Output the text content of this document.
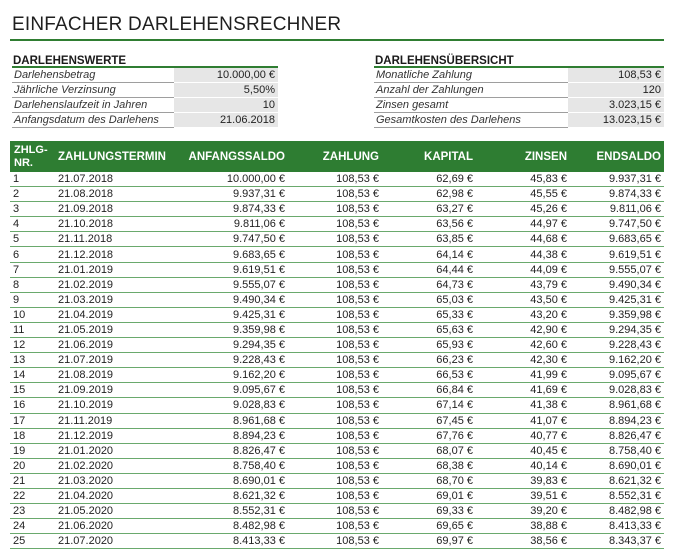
EINFACHER DARLEHENSRECHNER
DARLEHENSWERTE
Darlehensbetrag	10.000,00 €
Jährliche Verzinsung	5,50%
Darlehenslaufzeit in Jahren	10
Anfangsdatum des Darlehens	21.06.2018
DARLEHENSÜBERSICHT
Monatliche Zahlung	108,53 €
Anzahl der Zahlungen	120
Zinsen gesamt	3.023,15 €
Gesamtkosten des Darlehens	13.023,15 €
ZHLG-
NR.	ZAHLUNGSTERMIN	ANFANGSSALDO	ZAHLUNG	KAPITAL	ZINSEN	ENDSALDO
1	21.07.2018	10.000,00 €	108,53 €	62,69 €	45,83 €	9.937,31 €
2	21.08.2018	9.937,31 €	108,53 €	62,98 €	45,55 €	9.874,33 €
3	21.09.2018	9.874,33 €	108,53 €	63,27 €	45,26 €	9.811,06 €
4	21.10.2018	9.811,06 €	108,53 €	63,56 €	44,97 €	9.747,50 €
5	21.11.2018	9.747,50 €	108,53 €	63,85 €	44,68 €	9.683,65 €
6	21.12.2018	9.683,65 €	108,53 €	64,14 €	44,38 €	9.619,51 €
7	21.01.2019	9.619,51 €	108,53 €	64,44 €	44,09 €	9.555,07 €
8	21.02.2019	9.555,07 €	108,53 €	64,73 €	43,79 €	9.490,34 €
9	21.03.2019	9.490,34 €	108,53 €	65,03 €	43,50 €	9.425,31 €
10	21.04.2019	9.425,31 €	108,53 €	65,33 €	43,20 €	9.359,98 €
11	21.05.2019	9.359,98 €	108,53 €	65,63 €	42,90 €	9.294,35 €
12	21.06.2019	9.294,35 €	108,53 €	65,93 €	42,60 €	9.228,43 €
13	21.07.2019	9.228,43 €	108,53 €	66,23 €	42,30 €	9.162,20 €
14	21.08.2019	9.162,20 €	108,53 €	66,53 €	41,99 €	9.095,67 €
15	21.09.2019	9.095,67 €	108,53 €	66,84 €	41,69 €	9.028,83 €
16	21.10.2019	9.028,83 €	108,53 €	67,14 €	41,38 €	8.961,68 €
17	21.11.2019	8.961,68 €	108,53 €	67,45 €	41,07 €	8.894,23 €
18	21.12.2019	8.894,23 €	108,53 €	67,76 €	40,77 €	8.826,47 €
19	21.01.2020	8.826,47 €	108,53 €	68,07 €	40,45 €	8.758,40 €
20	21.02.2020	8.758,40 €	108,53 €	68,38 €	40,14 €	8.690,01 €
21	21.03.2020	8.690,01 €	108,53 €	68,70 €	39,83 €	8.621,32 €
22	21.04.2020	8.621,32 €	108,53 €	69,01 €	39,51 €	8.552,31 €
23	21.05.2020	8.552,31 €	108,53 €	69,33 €	39,20 €	8.482,98 €
24	21.06.2020	8.482,98 €	108,53 €	69,65 €	38,88 €	8.413,33 €
25	21.07.2020	8.413,33 €	108,53 €	69,97 €	38,56 €	8.343,37 €
